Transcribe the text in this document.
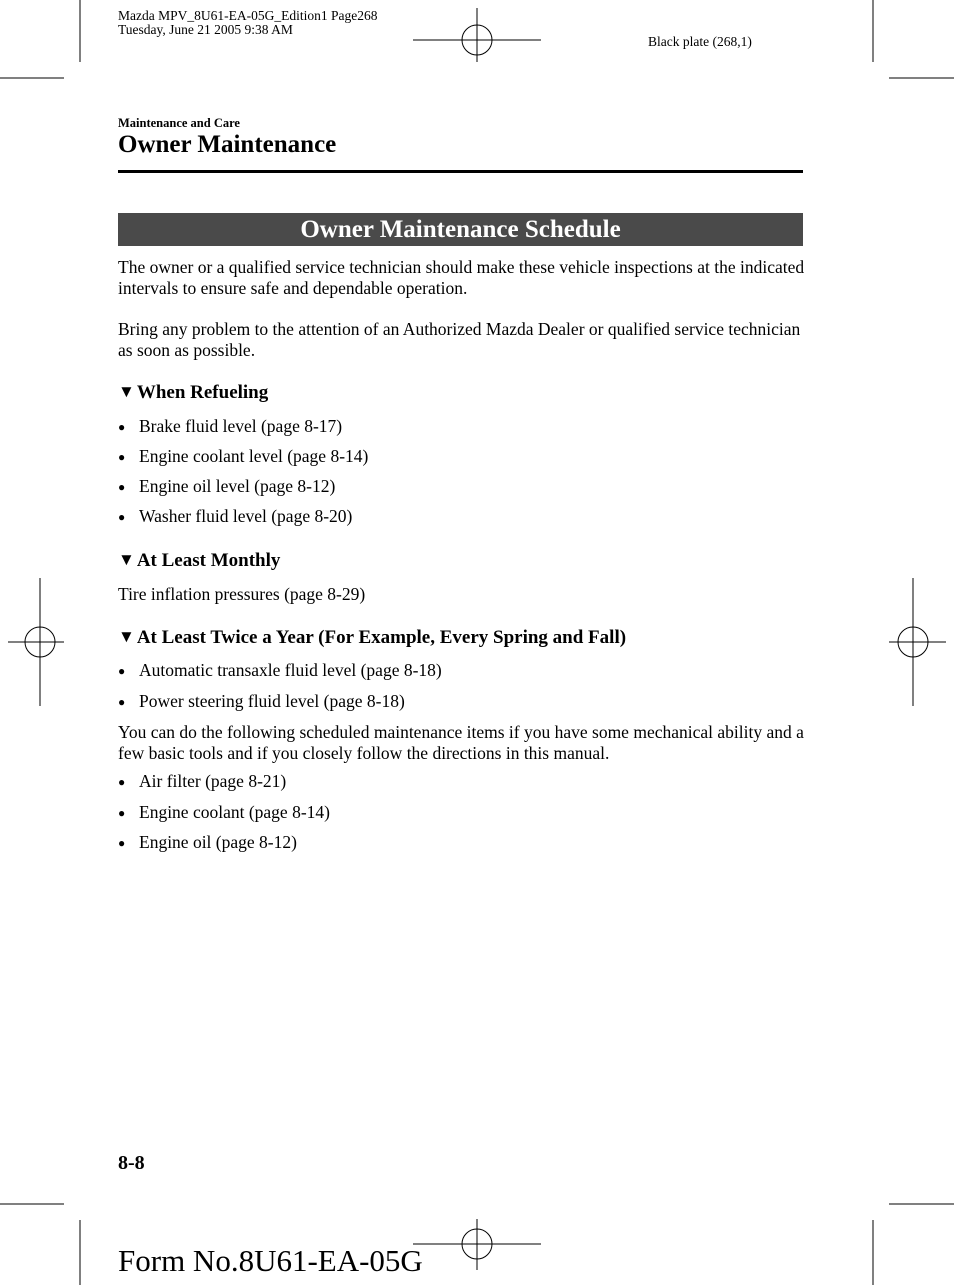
Mazda MPV_8U61-EA-05G_Edition1 Page268
Tuesday, June 21 2005 9:38 AM
Black plate (268,1)
Maintenance and Care
Owner Maintenance
Owner Maintenance Schedule
The owner or a qualified service technician should make these vehicle inspections at the indicated intervals to ensure safe and dependable operation.
Bring any problem to the attention of an Authorized Mazda Dealer or qualified service technician as soon as possible.
▼ When Refueling
● Brake fluid level (page 8-17)
● Engine coolant level (page 8-14)
● Engine oil level (page 8-12)
● Washer fluid level (page 8-20)
▼ At Least Monthly
Tire inflation pressures (page 8-29)
▼ At Least Twice a Year (For Example, Every Spring and Fall)
● Automatic transaxle fluid level (page 8-18)
● Power steering fluid level (page 8-18)
You can do the following scheduled maintenance items if you have some mechanical ability and a few basic tools and if you closely follow the directions in this manual.
● Air filter (page 8-21)
● Engine coolant (page 8-14)
● Engine oil (page 8-12)
8-8
Form No.8U61-EA-05G
